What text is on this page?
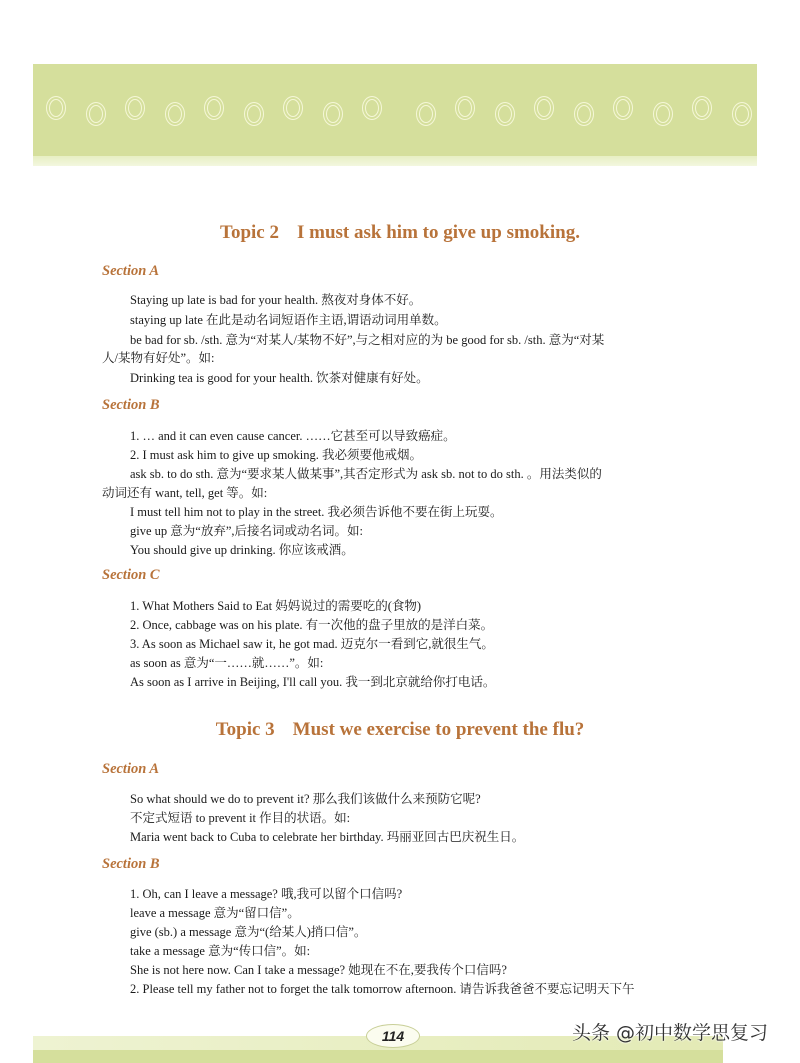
Topic 2 I must ask him to give up smoking.
Section A
Staying up late is bad for your health. 熬夜对身体不好。
staying up late 在此是动名词短语作主语,谓语动词用单数。
be bad for sb. /sth. 意为“对某人/某物不好”,与之相对应的为 be good for sb. /sth. 意为“对某
人/某物有好处”。如:
Drinking tea is good for your health. 饮茶对健康有好处。
Section B
1. … and it can even cause cancer. ……它甚至可以导致癌症。
2. I must ask him to give up smoking. 我必须要他戒烟。
ask sb. to do sth. 意为“要求某人做某事”,其否定形式为 ask sb. not to do sth. 。用法类似的
动词还有 want, tell, get 等。如:
I must tell him not to play in the street. 我必须告诉他不要在街上玩耍。
give up 意为“放弃”,后接名词或动名词。如:
You should give up drinking. 你应该戒酒。
Section C
1. What Mothers Said to Eat 妈妈说过的需要吃的(食物)
2. Once, cabbage was on his plate. 有一次他的盘子里放的是洋白菜。
3. As soon as Michael saw it, he got mad. 迈克尔一看到它,就很生气。
as soon as 意为“一……就……”。如:
As soon as I arrive in Beijing, I'll call you. 我一到北京就给你打电话。
Topic 3 Must we exercise to prevent the flu?
Section A
So what should we do to prevent it? 那么我们该做什么来预防它呢?
不定式短语 to prevent it 作目的状语。如:
Maria went back to Cuba to celebrate her birthday. 玛丽亚回古巴庆祝生日。
Section B
1. Oh, can I leave a message? 哦,我可以留个口信吗?
leave a message 意为“留口信”。
give (sb.) a message 意为“(给某人)捎口信”。
take a message 意为“传口信”。如:
She is not here now. Can I take a message? 她现在不在,要我传个口信吗?
2. Please tell my father not to forget the talk tomorrow afternoon. 请告诉我爸爸不要忘记明天下午
114	头条 @初中数学思复习
